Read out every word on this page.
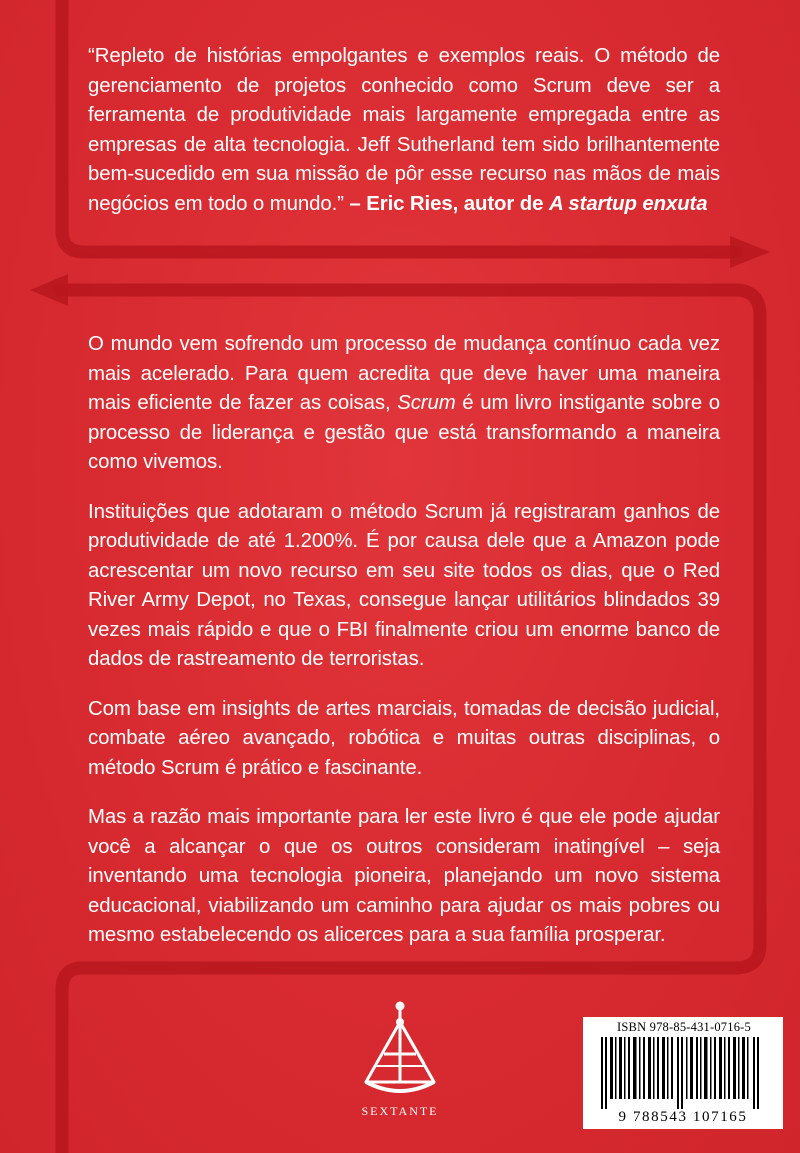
“Repleto de histórias empolgantes e exemplos reais. O método de gerenciamento de projetos conhecido como Scrum deve ser a ferramenta de produtividade mais largamente empregada entre as empresas de alta tecnologia. Jeff Sutherland tem sido brilhantemente bem-sucedido em sua missão de pôr esse recurso nas mãos de mais negócios em todo o mundo.” – Eric Ries, autor de A startup enxuta

O mundo vem sofrendo um processo de mudança contínuo cada vez mais acelerado. Para quem acredita que deve haver uma maneira mais eficiente de fazer as coisas, Scrum é um livro instigante sobre o processo de liderança e gestão que está transformando a maneira como vivemos.

Instituições que adotaram o método Scrum já registraram ganhos de produtividade de até 1.200%. É por causa dele que a Amazon pode acrescentar um novo recurso em seu site todos os dias, que o Red River Army Depot, no Texas, consegue lançar utilitários blindados 39 vezes mais rápido e que o FBI finalmente criou um enorme banco de dados de rastreamento de terroristas.

Com base em insights de artes marciais, tomadas de decisão judicial, combate aéreo avançado, robótica e muitas outras disciplinas, o método Scrum é prático e fascinante.

Mas a razão mais importante para ler este livro é que ele pode ajudar você a alcançar o que os outros consideram inatingível – seja inventando uma tecnologia pioneira, planejando um novo sistema educacional, viabilizando um caminho para ajudar os mais pobres ou mesmo estabelecendo os alicerces para a sua família prosperar.

SEXTANTE
ISBN 978-85-431-0716-5
9 788543 107165
